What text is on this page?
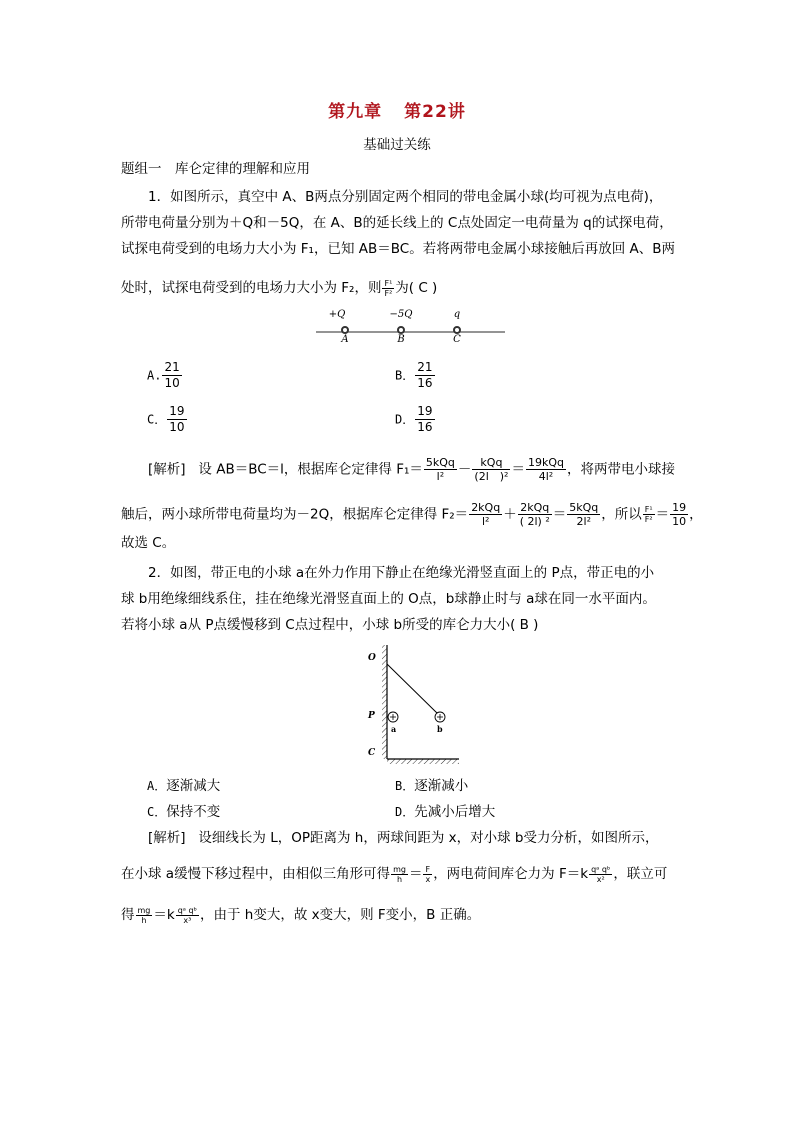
第九章 第22讲
基础过关练
题组一　库仑定律的理解和应用
1．如图所示，真空中 A、B两点分别固定两个相同的带电金属小球(均可视为点电荷)，
所带电荷量分别为＋Q和－5Q，在 A、B的延长线上的 C点处固定一电荷量为 q的试探电荷，
试探电荷受到的电场力大小为 F₁，已知 AB＝BC。若将两带电金属小球接触后再放回 A、B两
处时，试探电荷受到的电场力大小为 F₂，则 $\frac{\text{F¹}}{\text{F²}}$ 为( C )
+Q	−5Q	q
A	B	C
A. $\frac{21}{10}$	B． $\frac{21}{16}$
C． $\frac{19}{10}$	D． $\frac{19}{16}$
[解析] 设 AB＝BC＝l，根据库仑定律得 $F_1= \frac{\text{5kQq}}{\text{l²}} - \frac{\text{kQq}}{\text{(2l　)²}} = \frac{\text{19kQq}}{\text{4l²}}$ ，将两带电小球接
触后，两小球所带电荷量均为－2Q，根据库仑定律得 $F_2= \frac{\text{2kQq}}{\text{l²}} + \frac{\text{2kQq}}{\text{( 2l) ²}} = \frac{\text{5kQq}}{\text{2l²}}$ ，所以 $\frac{\text{F¹}}{\text{F²}} = \frac{19}{10}$ ，
故选 C。
2．如图，带正电的小球 a在外力作用下静止在绝缘光滑竖直面上的 P点，带正电的小
球 b用绝缘细线系住，挂在绝缘光滑竖直面上的 O点，b球静止时与 a球在同一水平面内。
若将小球 a从 P点缓慢移到 C点过程中，小球 b所受的库仑力大小( B )
O
P
C
a	b
A．逐渐减大	B．逐渐减小
C．保持不变	D．先减小后增大
[解析] 设细线长为 L，OP距离为 h，两球间距为 x，对小球 b受力分析，如图所示，
在小球 a缓慢下移过程中，由相似三角形可得 $\frac{mg}{h} = \frac{F}{x}$ ，两电荷间库仑力为 $F=k \frac{\text{qᵃ qᵇ}}{\text{x²}}$ ，联立可
得 $\frac{mg}{h} =k \frac{\text{qᵃ qᵇ}}{\text{x³}}$ ，由于 h变大，故 x变大，则 F变小，B 正确。
